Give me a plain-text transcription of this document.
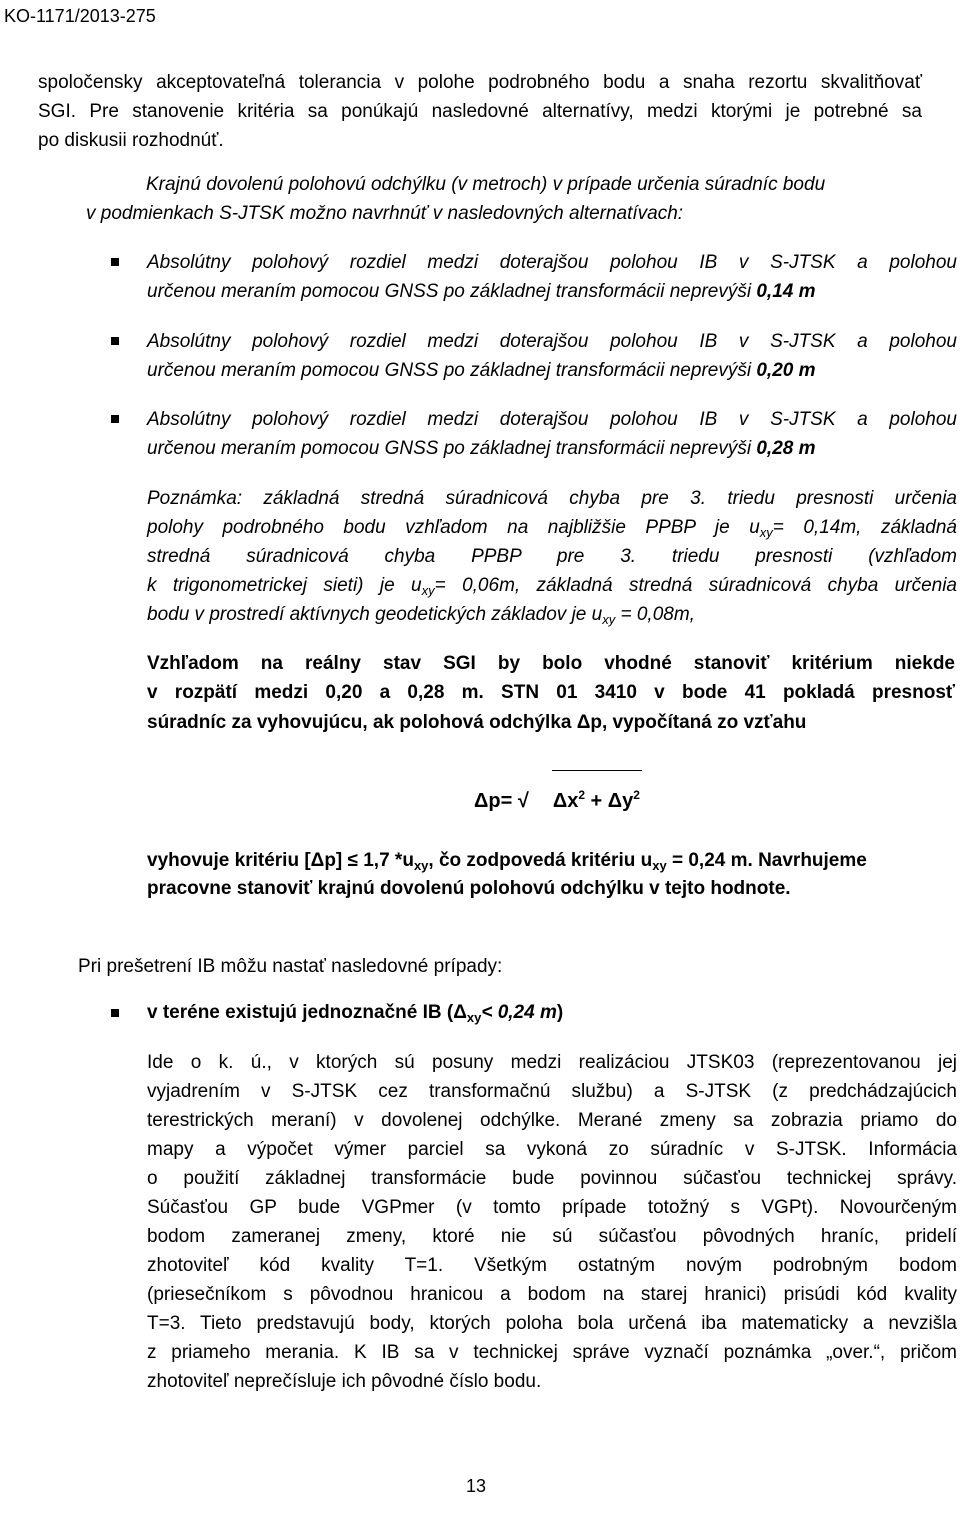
KO-1171/2013-275
spoločensky akceptovateľná tolerancia v polohe podrobného bodu a snaha rezortu skvalitňovať
SGI. Pre stanovenie kritéria sa ponúkajú nasledovné alternatívy, medzi ktorými je potrebné sa
po diskusii rozhodnúť.
Krajnú dovolenú polohovú odchýlku (v metroch) v prípade určenia súradníc bodu
v podmienkach S-JTSK možno navrhnúť v nasledovných alternatívach:
Absolútny polohový rozdiel medzi doterajšou polohou IB v S-JTSK a polohou
určenou meraním pomocou GNSS po základnej transformácii neprevýši 0,14 m
Absolútny polohový rozdiel medzi doterajšou polohou IB v S-JTSK a polohou
určenou meraním pomocou GNSS po základnej transformácii neprevýši 0,20 m
Absolútny polohový rozdiel medzi doterajšou polohou IB v S-JTSK a polohou
určenou meraním pomocou GNSS po základnej transformácii neprevýši 0,28 m
Poznámka: základná stredná súradnicová chyba pre 3. triedu presnosti určenia
polohy podrobného bodu vzhľadom na najbližšie PPBP je $u_{xy}= 0,14m$, základná
stredná súradnicová chyba PPBP pre 3. triedu presnosti (vzhľadom
k trigonometrickej sieti) je $u_{xy}= 0,06m$, základná stredná súradnicová chyba určenia
bodu v prostredí aktívnych geodetických základov je $u_{xy} = 0,08m$,
Vzhľadom na reálny stav SGI by bolo vhodné stanoviť kritérium niekde
v rozpätí medzi 0,20 a 0,28 m. STN 01 3410 v bode 41 pokladá presnosť
súradníc za vyhovujúcu, ak polohová odchýlka Δp, vypočítaná zo vzťahu
Δp= √ $\Delta x^2 + \Delta y^2$
vyhovuje kritériu [Δp] ≤ 1,7 $*u_{xy}$, čo zodpovedá kritériu $u_{xy} = 0,24$ m. Navrhujeme
pracovne stanoviť krajnú dovolenú polohovú odchýlku v tejto hodnote.
Pri prešetrení IB môžu nastať nasledovné prípady:
v teréne existujú jednoznačné IB ($\Delta_{xy}< 0,24$ m)
Ide o k. ú., v ktorých sú posuny medzi realizáciou JTSK03 (reprezentovanou jej
vyjadrením v S-JTSK cez transformačnú službu) a S-JTSK (z predchádzajúcich
terestrických meraní) v dovolenej odchýlke. Merané zmeny sa zobrazia priamo do
mapy a výpočet výmer parciel sa vykoná zo súradníc v S-JTSK. Informácia
o použití základnej transformácie bude povinnou súčasťou technickej správy.
Súčasťou GP bude VGPmer (v tomto prípade totožný s VGPt). Novourčeným
bodom zameranej zmeny, ktoré nie sú súčasťou pôvodných hraníc, pridelí
zhotoviteľ kód kvality T=1. Všetkým ostatným novým podrobným bodom
(priesečníkom s pôvodnou hranicou a bodom na starej hranici) prisúdi kód kvality
T=3. Tieto predstavujú body, ktorých poloha bola určená iba matematicky a nevzišla
z priameho merania. K IB sa v technickej správe vyznačí poznámka „over.“, pričom
zhotoviteľ neprečísluje ich pôvodné číslo bodu.
13
